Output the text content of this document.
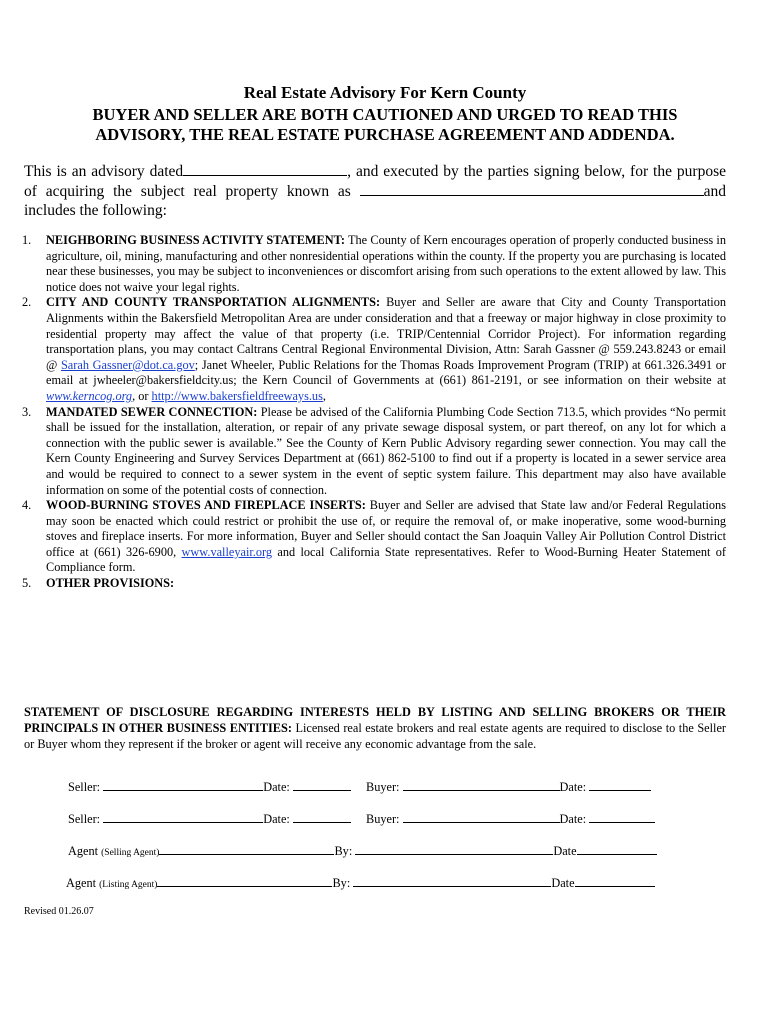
Real Estate Advisory For Kern County
BUYER AND SELLER ARE BOTH CAUTIONED AND URGED TO READ THIS
ADVISORY, THE REAL ESTATE PURCHASE AGREEMENT AND ADDENDA.
This is an advisory dated	, and executed by the parties signing below, for the purpose of acquiring the subject real property known as	and includes the following:
1.	NEIGHBORING BUSINESS ACTIVITY STATEMENT: The County of Kern encourages operation of properly conducted business in agriculture, oil, mining, manufacturing and other nonresidential operations within the county. If the property you are purchasing is located near these businesses, you may be subject to inconveniences or discomfort arising from such operations to the extent allowed by law. This notice does not waive your legal rights.
2.	CITY AND COUNTY TRANSPORTATION ALIGNMENTS: Buyer and Seller are aware that City and County Transportation Alignments within the Bakersfield Metropolitan Area are under consideration and that a freeway or major highway in close proximity to residential property may affect the value of that property (i.e. TRIP/Centennial Corridor Project). For information regarding transportation plans, you may contact Caltrans Central Regional Environmental Division, Attn: Sarah Gassner @ 559.243.8243 or email @ Sarah Gassner@dot.ca.gov; Janet Wheeler, Public Relations for the Thomas Roads Improvement Program (TRIP) at 661.326.3491 or email at jwheeler@bakersfieldcity.us; the Kern Council of Governments at (661) 861-2191, or see information on their website at www.kerncog.org, or http://www.bakersfieldfreeways.us,
3.	MANDATED SEWER CONNECTION: Please be advised of the California Plumbing Code Section 713.5, which provides “No permit shall be issued for the installation, alteration, or repair of any private sewage disposal system, or part thereof, on any lot for which a connection with the public sewer is available.” See the County of Kern Public Advisory regarding sewer connection. You may call the Kern County Engineering and Survey Services Department at (661) 862-5100 to find out if a property is located in a sewer service area and would be required to connect to a sewer system in the event of septic system failure. This department may also have available information on some of the potential costs of connection.
4.	WOOD-BURNING STOVES AND FIREPLACE INSERTS: Buyer and Seller are advised that State law and/or Federal Regulations may soon be enacted which could restrict or prohibit the use of, or require the removal of, or make inoperative, some wood-burning stoves and fireplace inserts. For more information, Buyer and Seller should contact the San Joaquin Valley Air Pollution Control District office at (661) 326-6900, www.valleyair.org and local California State representatives. Refer to Wood-Burning Heater Statement of Compliance form.
5.	OTHER PROVISIONS:
STATEMENT OF DISCLOSURE REGARDING INTERESTS HELD BY LISTING AND SELLING BROKERS OR THEIR PRINCIPALS IN OTHER BUSINESS ENTITIES: Licensed real estate brokers and real estate agents are required to disclose to the Seller or Buyer whom they represent if the broker or agent will receive any economic advantage from the sale.
Seller:	Date:	Buyer:	Date:
Seller:	Date:	Buyer:	Date:
Agent (Selling Agent)	By:	Date
Agent (Listing Agent)	By:	Date
Revised 01.26.07
